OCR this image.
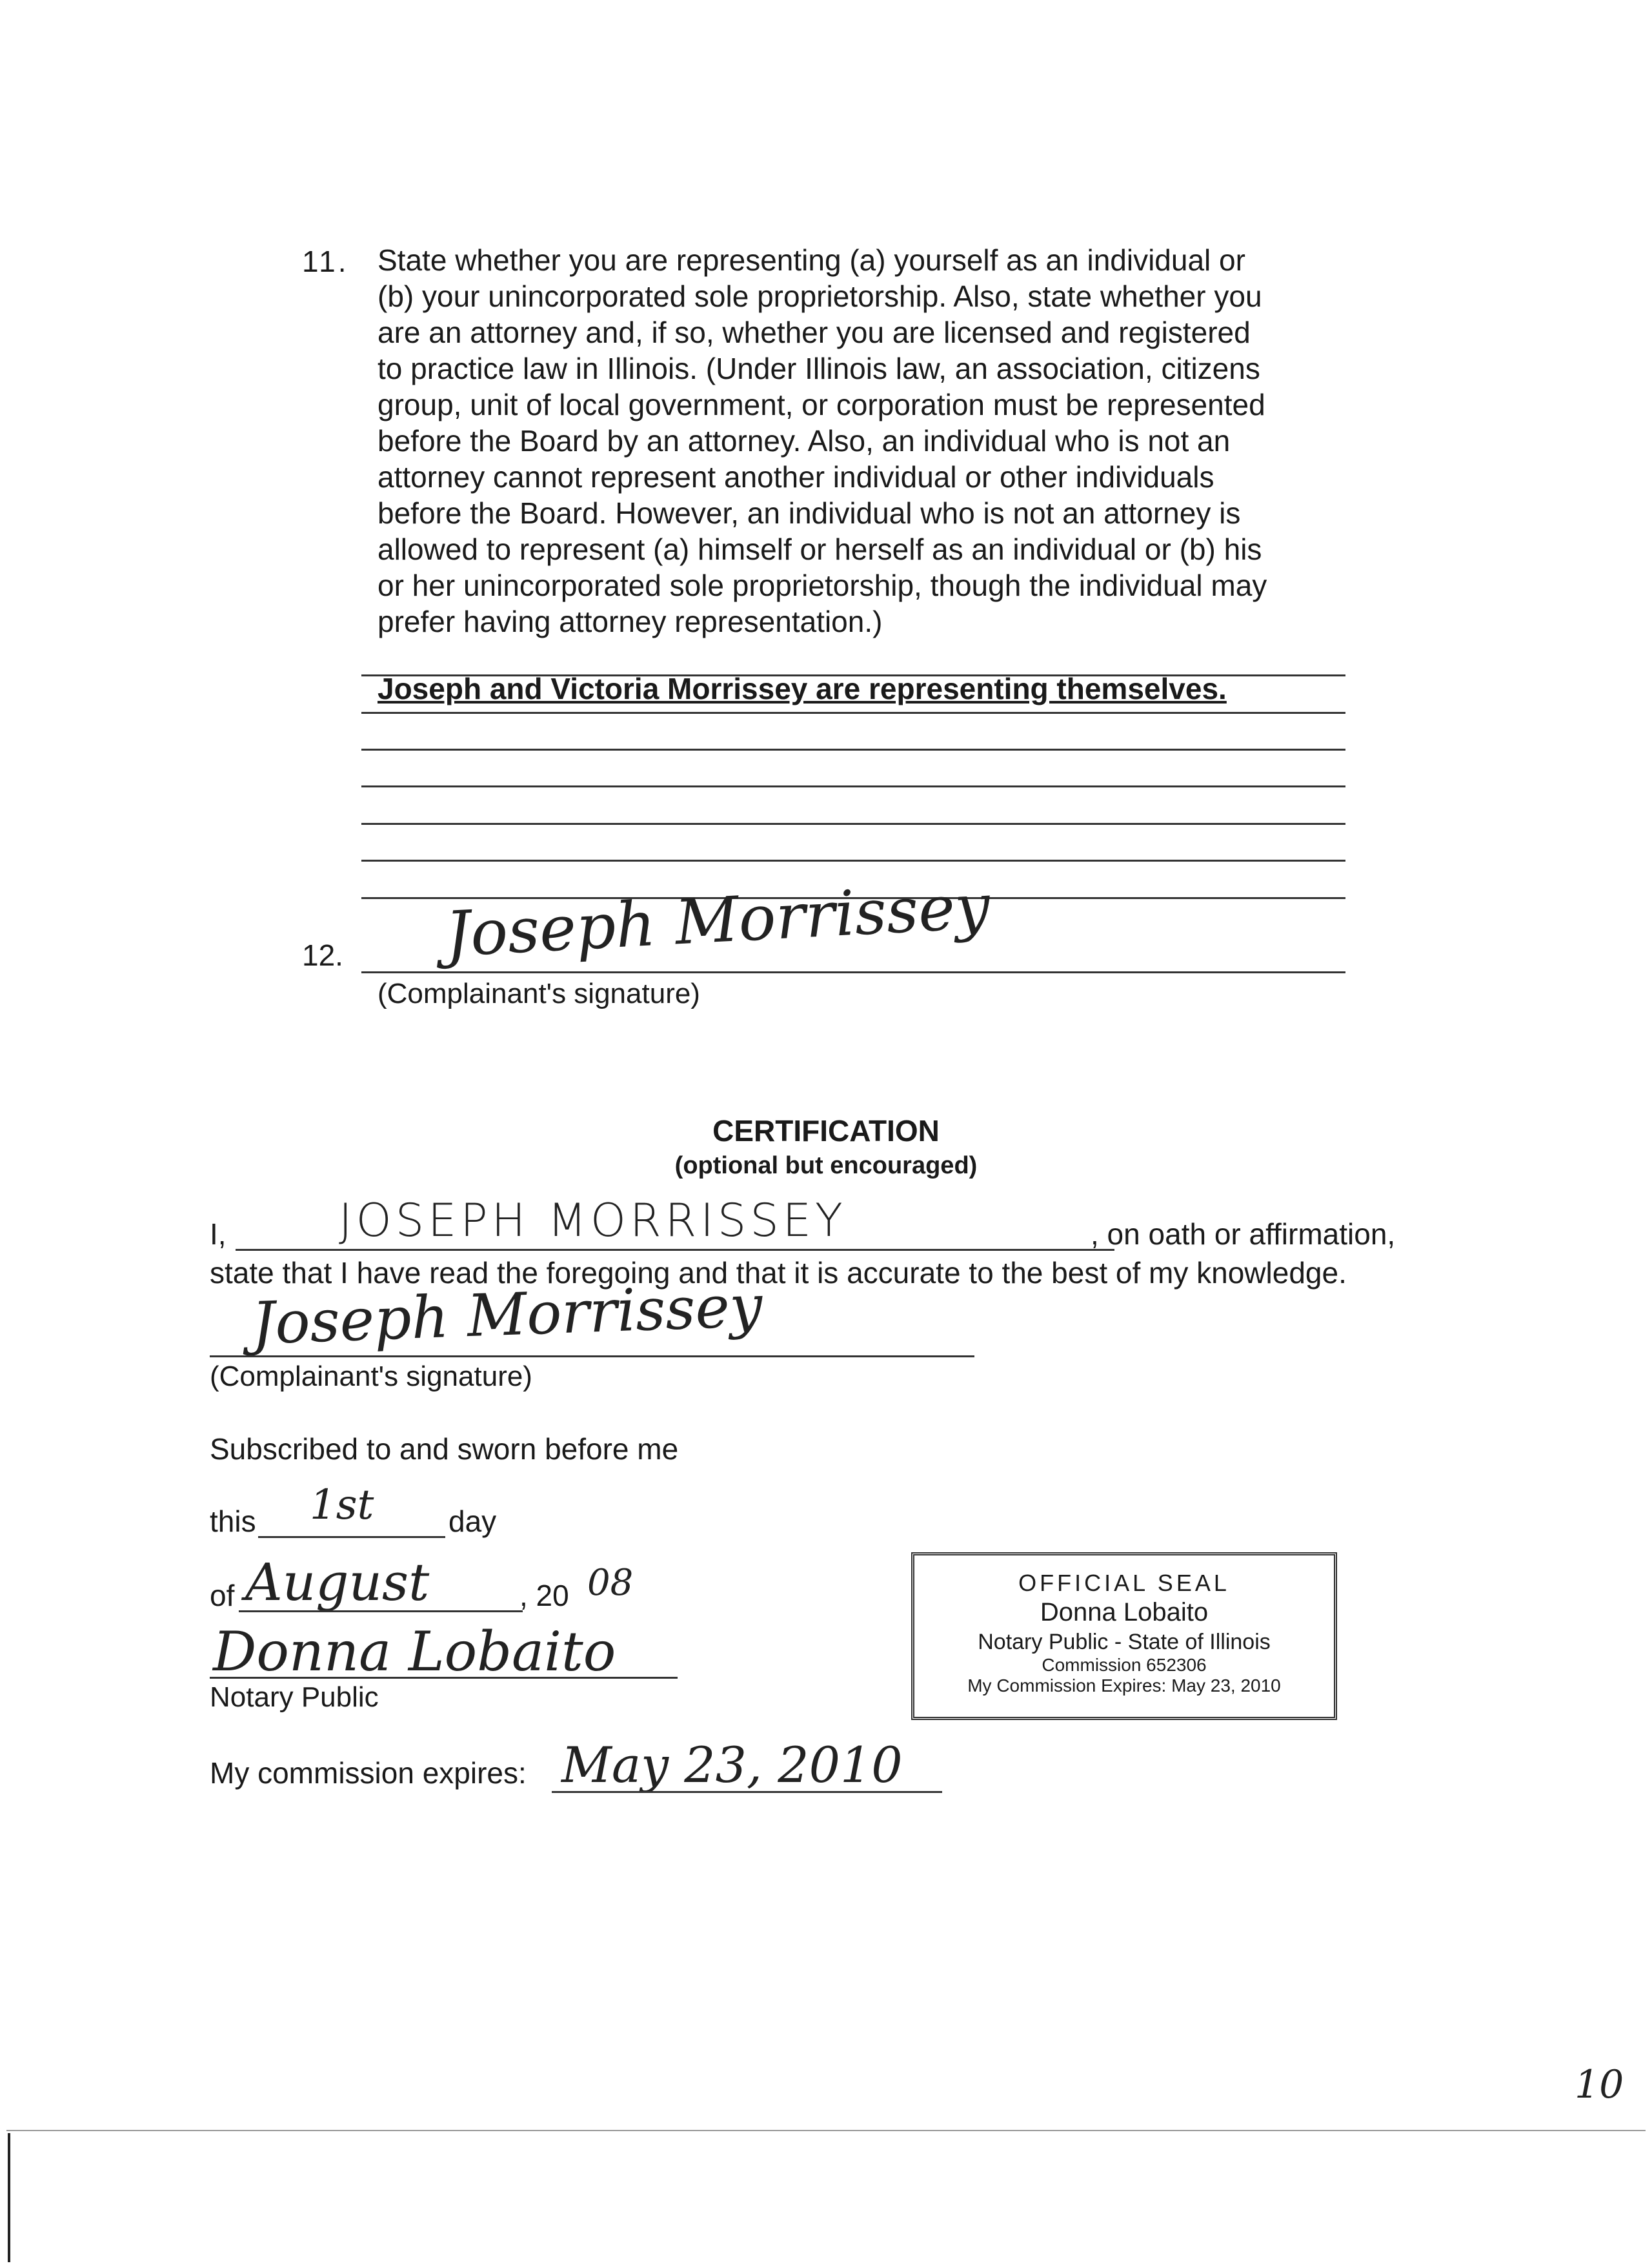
11. State whether you are representing (a) yourself as an individual or
(b) your unincorporated sole proprietorship. Also, state whether you
are an attorney and, if so, whether you are licensed and registered
to practice law in Illinois. (Under Illinois law, an association, citizens
group, unit of local government, or corporation must be represented
before the Board by an attorney. Also, an individual who is not an
attorney cannot represent another individual or other individuals
before the Board. However, an individual who is not an attorney is
allowed to represent (a) himself or herself as an individual or (b) his
or her unincorporated sole proprietorship, though the individual may
prefer having attorney representation.)
Joseph and Victoria Morrissey are representing themselves.
12. Joseph Morrissey
(Complainant's signature)
CERTIFICATION
(optional but encouraged)
I, JOSEPH MORRISSEY	, on oath or affirmation,
state that I have read the foregoing and that it is accurate to the best of my knowledge.
Joseph Morrissey
(Complainant's signature)
Subscribed to and sworn before me
this 1st	day
of August	, 20 08
Donna Lobaito
Notary Public
My commission expires: May 23, 2010
OFFICIAL SEAL
Donna Lobaito
Notary Public - State of Illinois
Commission 652306
My Commission Expires: May 23, 2010
10
